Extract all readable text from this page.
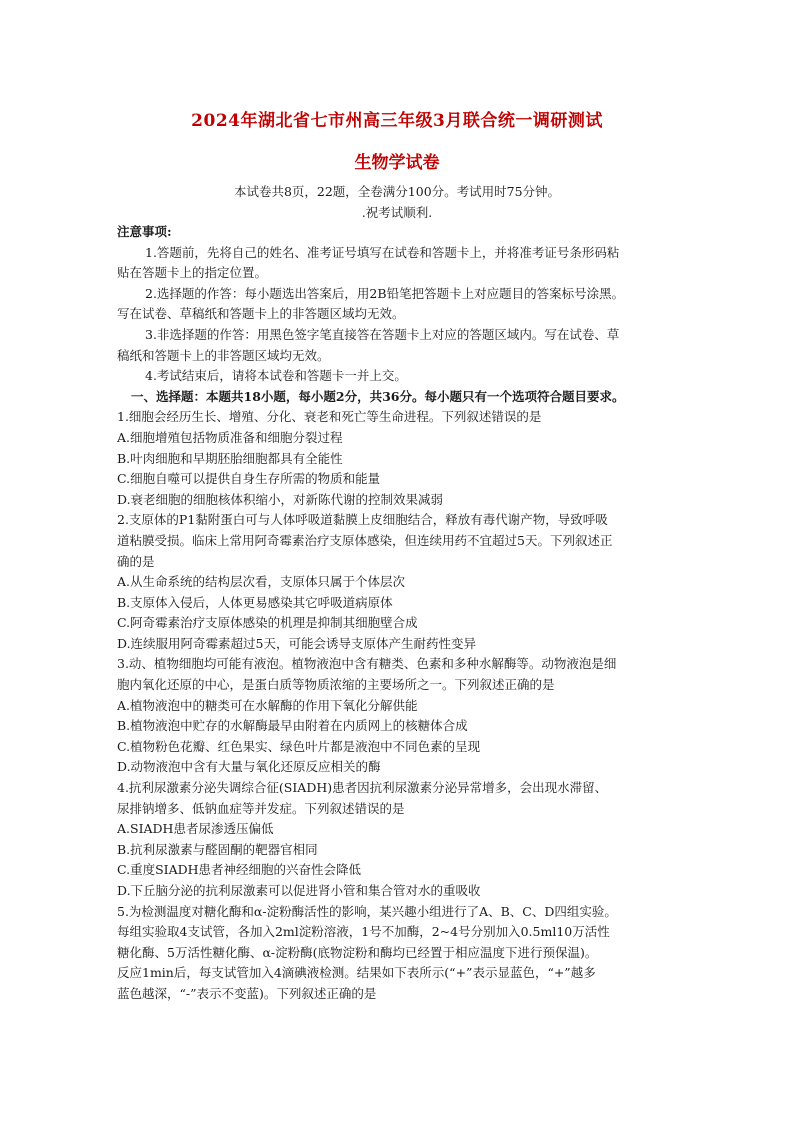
2024年湖北省七市州高三年级3月联合统一调研测试
生物学试卷
本试卷共8页，22题，全卷满分100分。考试用时75分钟。
.祝考试顺利.

注意事项:

1.答题前，先将自己的姓名、准考证号填写在试卷和答题卡上，并将准考证号条形码粘

贴在答题卡上的指定位置。

2.选择题的作答：每小题选出答案后，用2B铅笔把答题卡上对应题目的答案标号涂黑。

写在试卷、草稿纸和答题卡上的非答题区域均无效。

3.非选择题的作答：用黑色签字笔直接答在答题卡上对应的答题区域内。写在试卷、草

稿纸和答题卡上的非答题区域均无效。

4.考试结束后，请将本试卷和答题卡一并上交。

一、选择题：本题共18小题，每小题2分，共36分。每小题只有一个选项符合题目要求。

1.细胞会经历生长、增殖、分化、衰老和死亡等生命进程。下列叙述错误的是

A.细胞增殖包括物质准备和细胞分裂过程

B.叶肉细胞和早期胚胎细胞都具有全能性

C.细胞自噬可以提供自身生存所需的物质和能量

D.衰老细胞的细胞核体积缩小，对新陈代谢的控制效果减弱

2.支原体的P1黏附蛋白可与人体呼吸道黏膜上皮细胞结合，释放有毒代谢产物，导致呼吸

道粘膜受损。临床上常用阿奇霉素治疗支原体感染，但连续用药不宜超过5天。下列叙述正

确的是

A.从生命系统的结构层次看，支原体只属于个体层次

B.支原体入侵后，人体更易感染其它呼吸道病原体

C.阿奇霉素治疗支原体感染的机理是抑制其细胞壁合成

D.连续服用阿奇霉素超过5天，可能会诱导支原体产生耐药性变异

3.动、植物细胞均可能有液泡。植物液泡中含有糖类、色素和多种水解酶等。动物液泡是细

胞内氧化还原的中心，是蛋白质等物质浓缩的主要场所之一。下列叙述正确的是

A.植物液泡中的糖类可在水解酶的作用下氧化分解供能

B.植物液泡中贮存的水解酶最早由附着在内质网上的核糖体合成

C.植物粉色花瓣、红色果实、绿色叶片都是液泡中不同色素的呈现

D.动物液泡中含有大量与氧化还原反应相关的酶

4.抗利尿激素分泌失调综合征(SIADH)患者因抗利尿激素分泌异常增多，会出现水滞留、

尿排钠增多、低钠血症等并发症。下列叙述错误的是

A.SIADH患者尿渗透压偏低

B.抗利尿激素与醛固酮的靶器官相同

C.重度SIADH患者神经细胞的兴奋性会降低

D.下丘脑分泌的抗利尿激素可以促进肾小管和集合管对水的重吸收

5.为检测温度对糖化酶和α-淀粉酶活性的影响，某兴趣小组进行了A、B、C、D四组实验。

每组实验取4支试管，各加入2ml淀粉溶液，1号不加酶，2~4号分别加入0.5ml10万活性

糖化酶、5万活性糖化酶、α-淀粉酶(底物淀粉和酶均已经置于相应温度下进行预保温)。

反应1min后，每支试管加入4滴碘液检测。结果如下表所示(“+”表示显蓝色，“+”越多

蓝色越深，“-”表示不变蓝)。下列叙述正确的是
